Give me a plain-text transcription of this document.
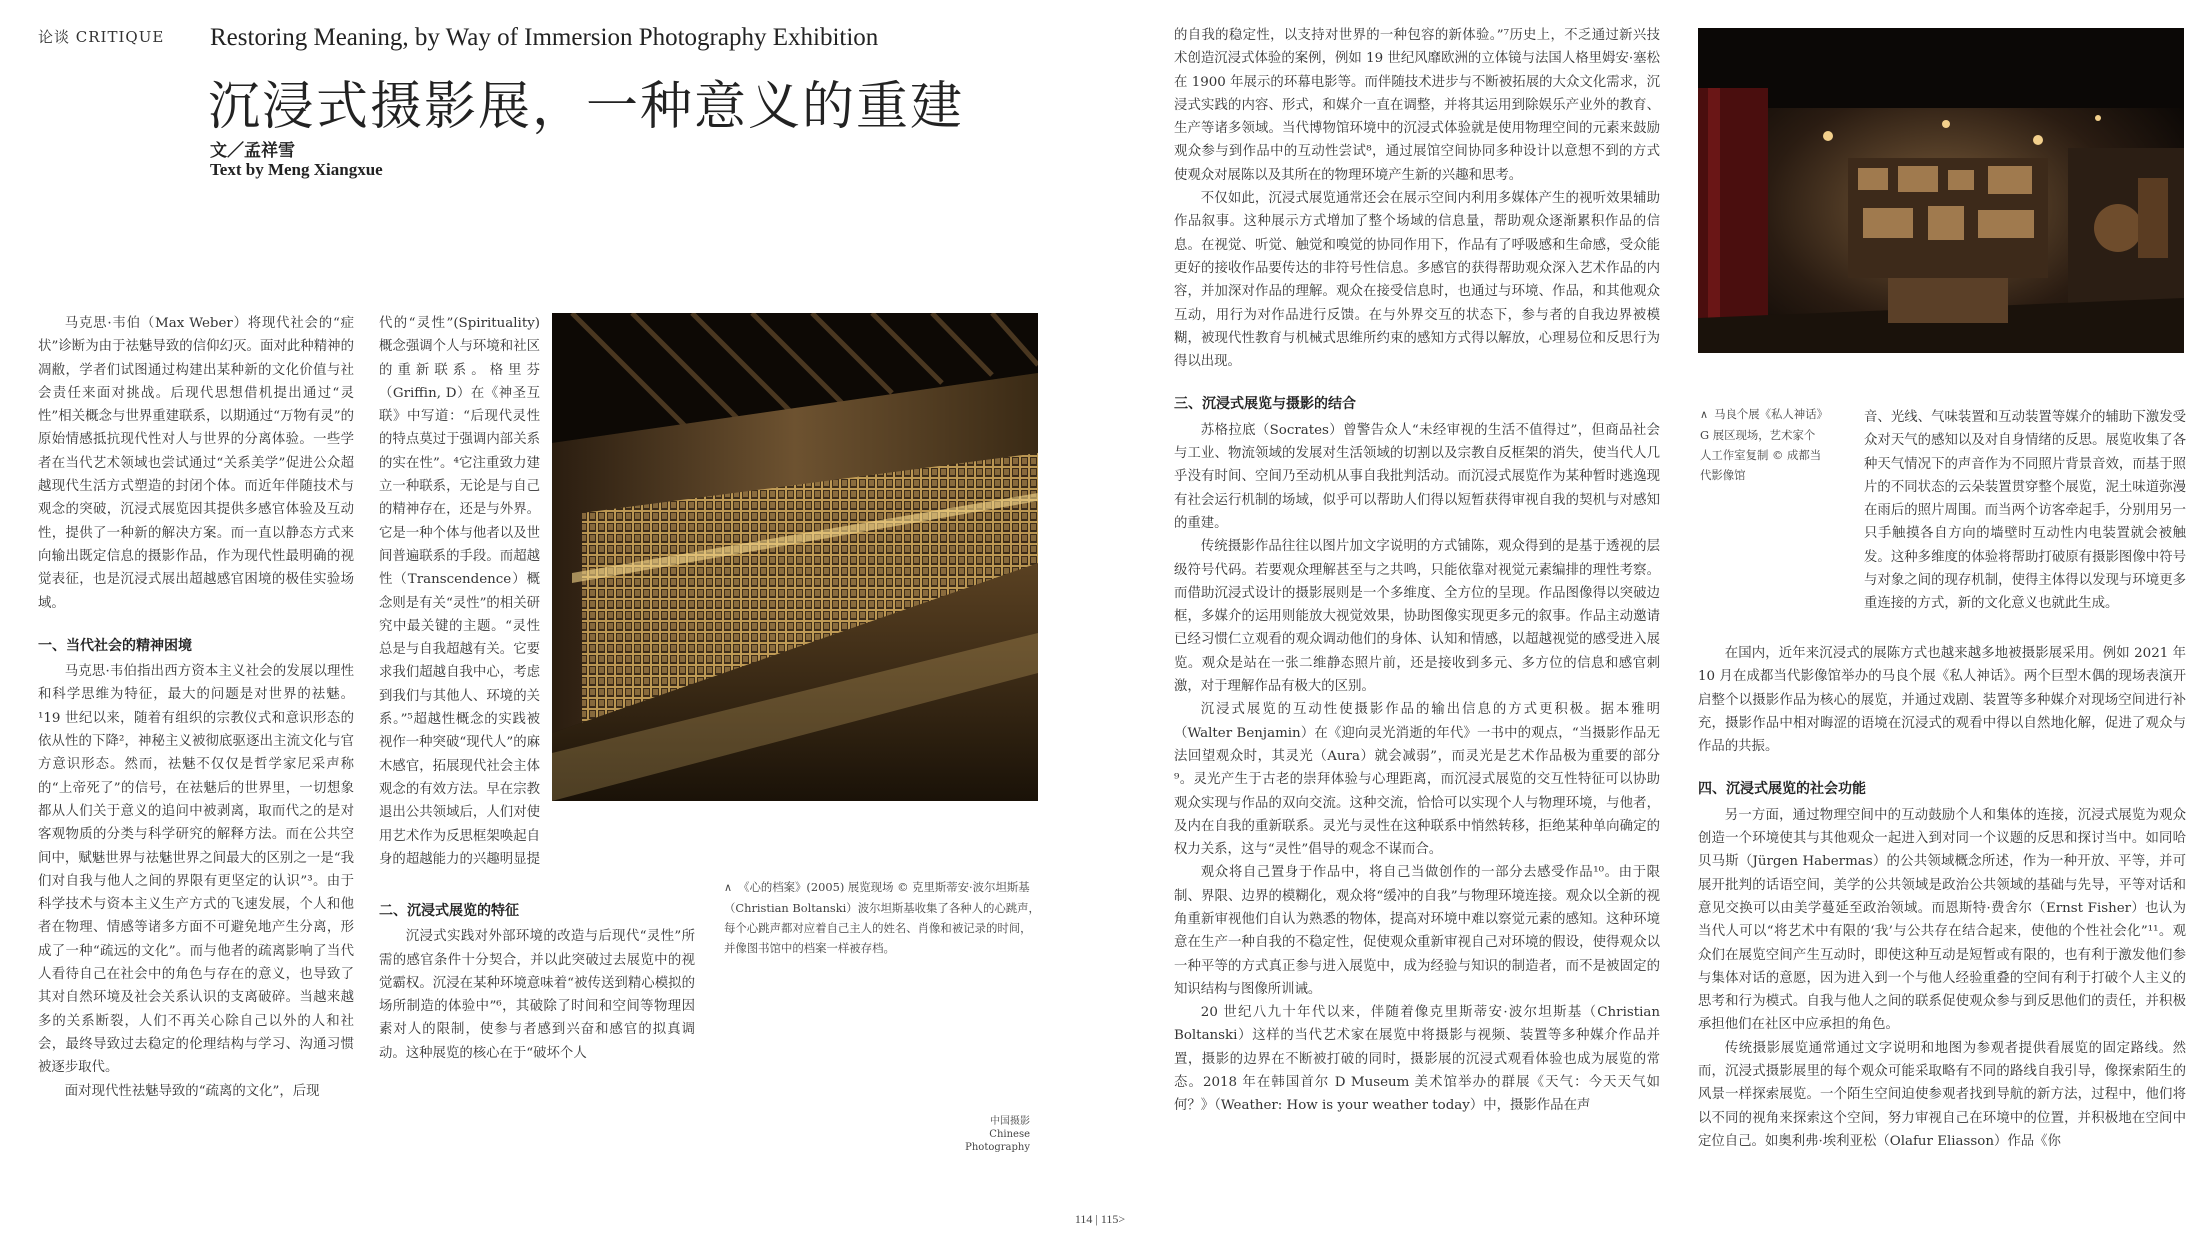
论谈 CRITIQUE Restoring Meaning, by Way of Immersion Photography Exhibition
沉浸式摄影展，一种意义的重建
文／孟祥雪
Text by Meng Xiangxue

马克思·韦伯（Max Weber）将现代社会的“症状”诊断为由于祛魅导致的信仰幻灭。面对此种精神的凋敝，学者们试图通过构建出某种新的文化价值与社会责任来面对挑战。后现代思想借机提出通过“灵性”相关概念与世界重建联系，以期通过“万物有灵”的原始情感抵抗现代性对人与世界的分离体验。一些学者在当代艺术领域也尝试通过“关系美学”促进公众超越现代生活方式塑造的封闭个体。而近年伴随技术与观念的突破，沉浸式展览因其提供多感官体验及互动性，提供了一种新的解决方案。而一直以静态方式来向输出既定信息的摄影作品，作为现代性最明确的视觉表征，也是沉浸式展出超越感官困境的极佳实验场域。

一、当代社会的精神困境

马克思·韦伯指出西方资本主义社会的发展以理性和科学思维为特征，最大的问题是对世界的祛魅。¹19 世纪以来，随着有组织的宗教仪式和意识形态的依从性的下降²，神秘主义被彻底驱逐出主流文化与官方意识形态。然而，祛魅不仅仅是哲学家尼采声称的“上帝死了”的信号，在祛魅后的世界里，一切想象都从人们关于意义的追问中被剥离，取而代之的是对客观物质的分类与科学研究的解释方法。而在公共空间中，赋魅世界与祛魅世界之间最大的区别之一是“我们对自我与他人之间的界限有更坚定的认识”³。由于科学技术与资本主义生产方式的飞速发展，个人和他者在物理、情感等诸多方面不可避免地产生分离，形成了一种“疏远的文化”。而与他者的疏离影响了当代人看待自己在社会中的角色与存在的意义，也导致了其对自然环境及社会关系认识的支离破碎。当越来越多的关系断裂，人们不再关心除自己以外的人和社会，最终导致过去稳定的伦理结构与学习、沟通习惯被逐步取代。

面对现代性祛魅导致的“疏离的文化”，后现

代的“灵性”(Spirituality)概念强调个人与环境和社区的重新联系。格里芬（Griffin, D）在《神圣互联》中写道：“后现代灵性的特点莫过于强调内部关系的实在性”。⁴它注重致力建立一种联系，无论是与自己的精神存在，还是与外界。它是一种个体与他者以及世间普遍联系的手段。而超越性（Transcendence）概念则是有关“灵性”的相关研究中最关键的主题。“灵性总是与自我超越有关。它要求我们超越自我中心，考虑到我们与其他人、环境的关系。”⁵超越性概念的实践被视作一种突破“现代人”的麻木感官，拓展现代社会主体观念的有效方法。早在宗教退出公共领域后，人们对使用艺术作为反思框架唤起自身的超越能力的兴趣明显提

二、沉浸式展览的特征

沉浸式实践对外部环境的改造与后现代“灵性”所需的感官条件十分契合，并以此突破过去展览中的视觉霸权。沉浸在某种环境意味着“被传送到精心模拟的场所制造的体验中”⁶，其破除了时间和空间等物理因素对人的限制，使参与者感到兴奋和感官的拟真调动。这种展览的核心在于“破坏个人

∧ 《心的档案》(2005) 展览现场 © 克里斯蒂安·波尔坦斯基（Christian Boltanski）波尔坦斯基收集了各种人的心跳声，每个心跳声都对应着自己主人的姓名、肖像和被记录的时间，并像图书馆中的档案一样被存档。
中国摄影
Chinese
Photography

的自我的稳定性，以支持对世界的一种包容的新体验。”⁷历史上，不乏通过新兴技术创造沉浸式体验的案例，例如 19 世纪风靡欧洲的立体镜与法国人格里姆安·塞松在 1900 年展示的环幕电影等。而伴随技术进步与不断被拓展的大众文化需求，沉浸式实践的内容、形式，和媒介一直在调整，并将其运用到除娱乐产业外的教育、生产等诸多领域。当代博物馆环境中的沉浸式体验就是使用物理空间的元素来鼓励观众参与到作品中的互动性尝试⁸，通过展馆空间协同多种设计以意想不到的方式使观众对展陈以及其所在的物理环境产生新的兴趣和思考。

不仅如此，沉浸式展览通常还会在展示空间内利用多媒体产生的视听效果辅助作品叙事。这种展示方式增加了整个场域的信息量，帮助观众逐渐累积作品的信息。在视觉、听觉、触觉和嗅觉的协同作用下，作品有了呼吸感和生命感，受众能更好的接收作品要传达的非符号性信息。多感官的获得帮助观众深入艺术作品的内容，并加深对作品的理解。观众在接受信息时，也通过与环境、作品，和其他观众互动，用行为对作品进行反馈。在与外界交互的状态下，参与者的自我边界被模糊，被现代性教育与机械式思维所约束的感知方式得以解放，心理易位和反思行为得以出现。

三、沉浸式展览与摄影的结合

苏格拉底（Socrates）曾警告众人“未经审视的生活不值得过”，但商品社会与工业、物流领域的发展对生活领域的切割以及宗教自反框架的消失，使当代人几乎没有时间、空间乃至动机从事自我批判活动。而沉浸式展览作为某种暂时逃逸现有社会运行机制的场域，似乎可以帮助人们得以短暂获得审视自我的契机与对感知的重建。

传统摄影作品往往以图片加文字说明的方式铺陈，观众得到的是基于透视的层级符号代码。若要观众理解甚至与之共鸣，只能依靠对视觉元素编排的理性考察。而借助沉浸式设计的摄影展则是一个多维度、全方位的呈现。作品图像得以突破边框，多媒介的运用则能放大视觉效果，协助图像实现更多元的叙事。作品主动邀请已经习惯仁立观看的观众调动他们的身体、认知和情感，以超越视觉的感受进入展览。观众是站在一张二维静态照片前，还是接收到多元、多方位的信息和感官刺激，对于理解作品有极大的区别。

沉浸式展览的互动性使摄影作品的输出信息的方式更积极。据本雅明（Walter Benjamin）在《迎向灵光消逝的年代》一书中的观点，“当摄影作品无法回望观众时，其灵光（Aura）就会减弱”，而灵光是艺术作品极为重要的部分⁹。灵光产生于古老的崇拜体验与心理距离，而沉浸式展览的交互性特征可以协助观众实现与作品的双向交流。这种交流，恰恰可以实现个人与物理环境，与他者，及内在自我的重新联系。灵光与灵性在这种联系中悄然转移，拒绝某种单向确定的权力关系，这与“灵性”倡导的观念不谋而合。

观众将自己置身于作品中，将自己当做创作的一部分去感受作品¹⁰。由于限制、界限、边界的模糊化，观众将“缓冲的自我”与物理环境连接。观众以全新的视角重新审视他们自认为熟悉的物体，提高对环境中难以察觉元素的感知。这种环境意在生产一种自我的不稳定性，促使观众重新审视自己对环境的假设，使得观众以一种平等的方式真正参与进入展览中，成为经验与知识的制造者，而不是被固定的知识结构与图像所训诫。

20 世纪八九十年代以来，伴随着像克里斯蒂安·波尔坦斯基（Christian Boltanski）这样的当代艺术家在展览中将摄影与视频、装置等多种媒介作品并置，摄影的边界在不断被打破的同时，摄影展的沉浸式观看体验也成为展览的常态。2018 年在韩国首尔 D Museum 美术馆举办的群展《天气：今天天气如何？》（Weather: How is your weather today）中，摄影作品在声

∧ 马良个展《私人神话》G 展区现场，艺术家个人工作室复制 © 成都当代影像馆

音、光线、气味装置和互动装置等媒介的辅助下激发受众对天气的感知以及对自身情绪的反思。展览收集了各种天气情况下的声音作为不同照片背景音效，而基于照片的不同状态的云朵装置贯穿整个展览，泥土味道弥漫在雨后的照片周围。而当两个访客牵起手，分别用另一只手触摸各自方向的墙壁时互动性内电装置就会被触发。这种多维度的体验将帮助打破原有摄影图像中符号与对象之间的现存机制，使得主体得以发现与环境更多重连接的方式，新的文化意义也就此生成。

在国内，近年来沉浸式的展陈方式也越来越多地被摄影展采用。例如 2021 年 10 月在成都当代影像馆举办的马良个展《私人神话》。两个巨型木偶的现场表演开启整个以摄影作品为核心的展览，并通过戏剧、装置等多种媒介对现场空间进行补充，摄影作品中相对晦涩的语境在沉浸式的观看中得以自然地化解，促进了观众与作品的共振。

四、沉浸式展览的社会功能

另一方面，通过物理空间中的互动鼓励个人和集体的连接，沉浸式展览为观众创造一个环境使其与其他观众一起进入到对同一个议题的反思和探讨当中。如同哈贝马斯（Jürgen Habermas）的公共领域概念所述，作为一种开放、平等，并可展开批判的话语空间，美学的公共领域是政治公共领域的基础与先导，平等对话和意见交换可以由美学蔓延至政治领域。而恩斯特·费舍尔（Ernst Fisher）也认为当代人可以“将艺术中有限的‘我’与公共存在结合起来，使他的个性社会化”¹¹。观众们在展览空间产生互动时，即使这种互动是短暂或有限的，也有利于激发他们参与集体对话的意愿，因为进入到一个与他人经验重叠的空间有利于打破个人主义的思考和行为模式。自我与他人之间的联系促使观众参与到反思他们的责任，并积极承担他们在社区中应承担的角色。

传统摄影展览通常通过文字说明和地图为参观者提供看展览的固定路线。然而，沉浸式摄影展里的每个观众可能采取略有不同的路线自我引导，像探索陌生的风景一样探索展览。一个陌生空间迫使参观者找到导航的新方法，过程中，他们将以不同的视角来探索这个空间，努力审视自己在环境中的位置，并积极地在空间中定位自己。如奥利弗·埃利亚松（Olafur Eliasson）作品《你

114 | 115>
